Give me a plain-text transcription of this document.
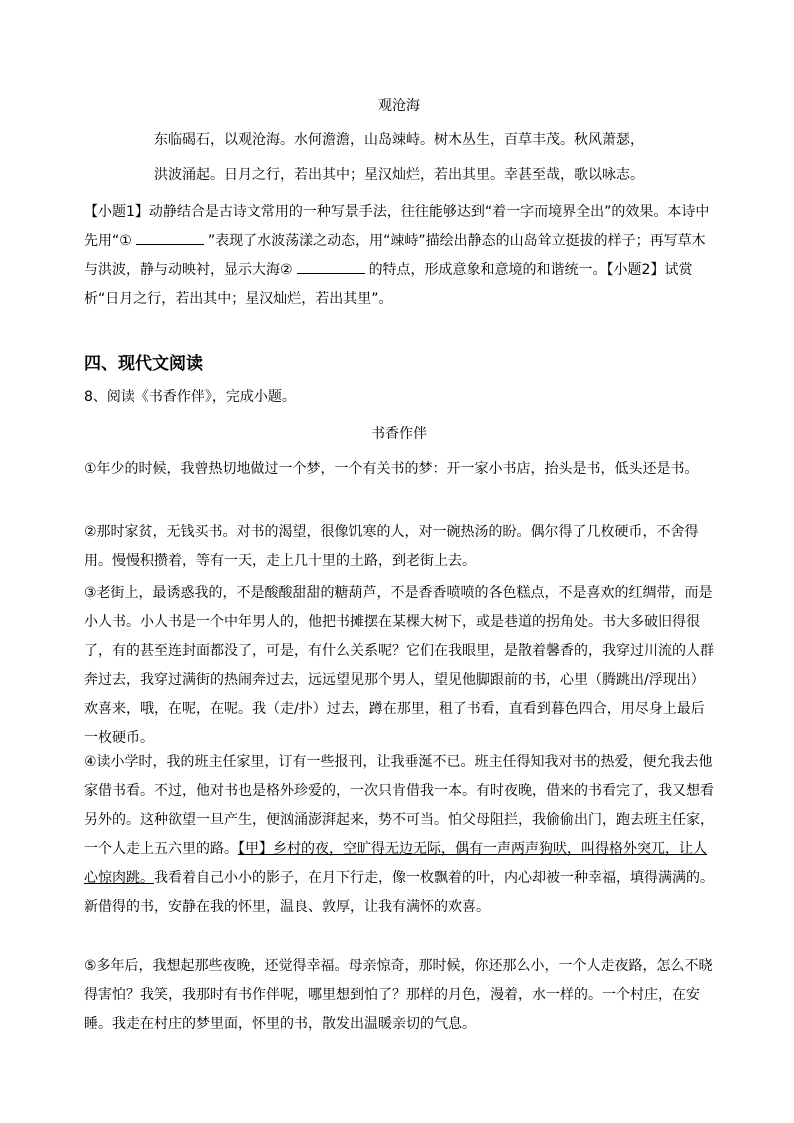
观沧海
东临碣石，以观沧海。水何澹澹，山岛竦峙。树木丛生，百草丰茂。秋风萧瑟，
洪波涌起。日月之行，若出其中；星汉灿烂，若出其里。幸甚至哉，歌以咏志。
【小题1】动静结合是古诗文常用的一种写景手法，往往能够达到“着一字而境界全出”的效果。本诗中先用“①	”表现了水波荡漾之动态，用“竦峙”描绘出静态的山岛耸立挺拔的样子；再写草木与洪波，静与动映衬，显示大海②	的特点，形成意象和意境的和谐统一。【小题2】试赏析“日月之行，若出其中；星汉灿烂，若出其里”。
四、现代文阅读
8、阅读《书香作伴》，完成小题。
书香作伴
①年少的时候，我曾热切地做过一个梦，一个有关书的梦：开一家小书店，抬头是书，低头还是书。
②那时家贫，无钱买书。对书的渴望，很像饥寒的人，对一碗热汤的盼。偶尔得了几枚硬币，不舍得用。慢慢积攒着，等有一天，走上几十里的土路，到老街上去。
③老街上，最诱惑我的，不是酸酸甜甜的糖葫芦，不是香香喷喷的各色糕点，不是喜欢的红绸带，而是小人书。小人书是一个中年男人的，他把书摊摆在某棵大树下，或是巷道的拐角处。书大多破旧得很了，有的甚至连封面都没了，可是，有什么关系呢？它们在我眼里，是散着馨香的，我穿过川流的人群奔过去，我穿过满街的热闹奔过去，远远望见那个男人，望见他脚跟前的书，心里（腾跳出/浮现出）欢喜来，哦，在呢，在呢。我（走/扑）过去，蹲在那里，租了书看，直看到暮色四合，用尽身上最后一枚硬币。
④读小学时，我的班主任家里，订有一些报刊，让我垂涎不已。班主任得知我对书的热爱，便允我去他家借书看。不过，他对书也是格外珍爱的，一次只肯借我一本。有时夜晚，借来的书看完了，我又想看另外的。这种欲望一旦产生，便汹涌澎湃起来，势不可当。怕父母阻拦，我偷偷出门，跑去班主任家，一个人走上五六里的路。【甲】乡村的夜，空旷得无边无际，偶有一声两声狗吠，叫得格外突兀，让人心惊肉跳。我看着自己小小的影子，在月下行走，像一枚飘着的叶，内心却被一种幸福，填得满满的。新借得的书，安静在我的怀里，温良、敦厚，让我有满怀的欢喜。
⑤多年后，我想起那些夜晚，还觉得幸福。母亲惊奇，那时候，你还那么小，一个人走夜路，怎么不晓得害怕？我笑，我那时有书作伴呢，哪里想到怕了？那样的月色，漫着，水一样的。一个村庄，在安睡。我走在村庄的梦里面，怀里的书，散发出温暖亲切的气息。
